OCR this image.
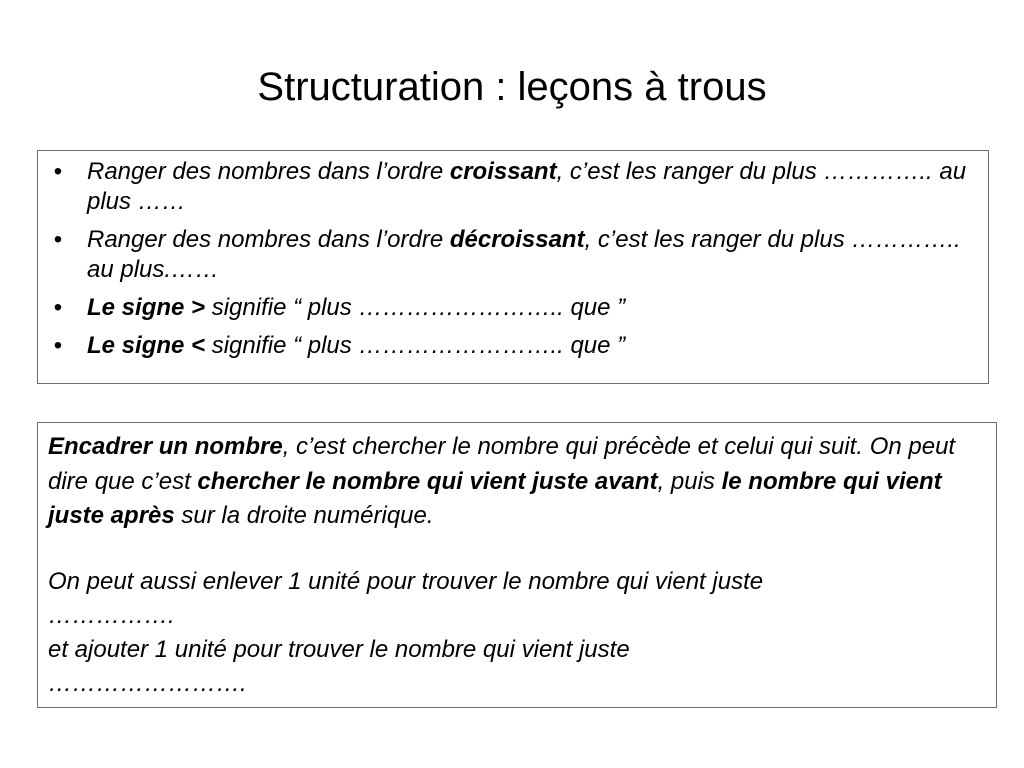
Structuration : leçons à trous
• Ranger des nombres dans l’ordre croissant, c’est les ranger du plus ………….. au plus ……
• Ranger des nombres dans l’ordre décroissant, c’est les ranger du plus ………….. au plus.……
• Le signe > signifie “ plus …………………….. que ”
• Le signe < signifie “ plus …………………….. que ”

Encadrer un nombre, c’est chercher le nombre qui précède et celui qui suit. On peut dire que c’est chercher le nombre qui vient juste avant, puis le nombre qui vient juste après sur la droite numérique.

On peut aussi enlever 1 unité pour trouver le nombre qui vient juste

…………….

et ajouter 1 unité pour trouver le nombre qui vient juste

…………………….
